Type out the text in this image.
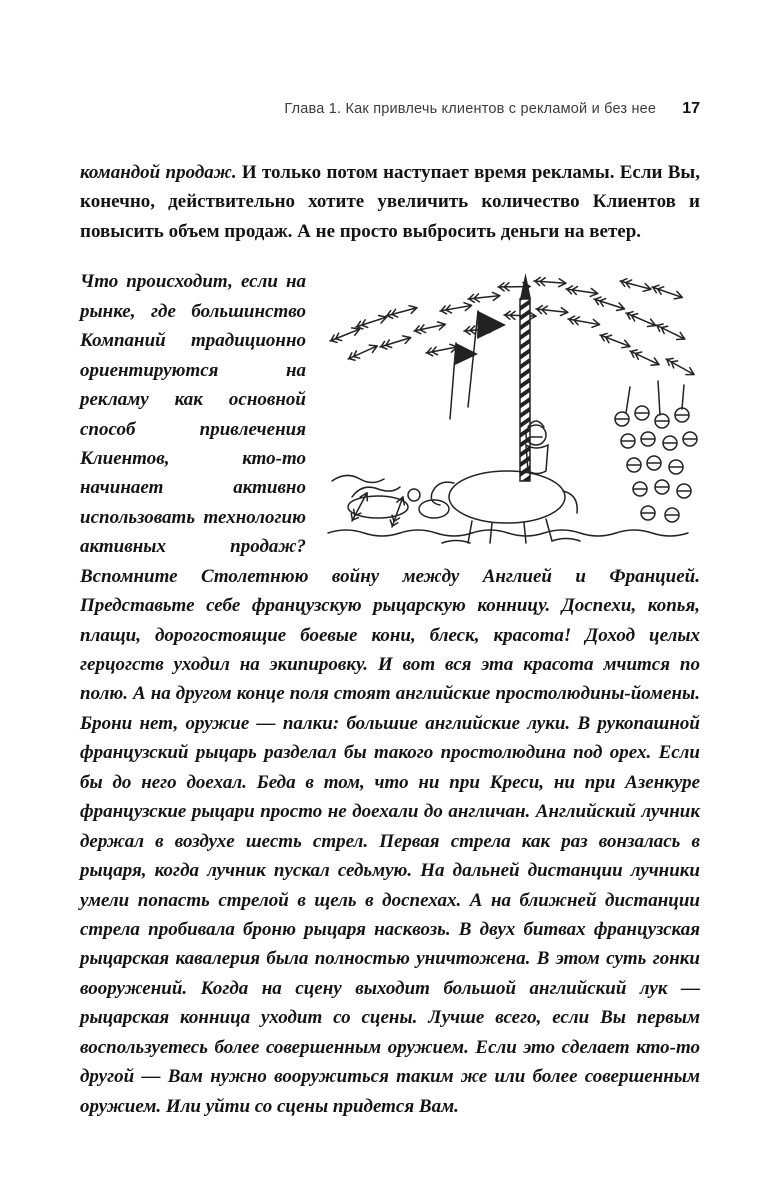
Глава 1. Как привлечь клиентов с рекламой и без нее 17

командой продаж. И только потом наступает время рекламы. Если Вы, конечно, действительно хотите увеличить количество Клиентов и повысить объем продаж. А не просто выбросить деньги на ветер.

Что происходит, если на рынке, где большинство Компаний традиционно ориентируются на рекламу как основной способ привлечения Клиентов, кто-то начинает активно использовать технологию активных продаж? Вспомните Столетнюю войну между Англией и Францией. Представьте себе французскую рыцарскую конницу. Доспехи, копья, плащи, дорогостоящие боевые кони, блеск, красота! Доход целых герцогств уходил на экипировку. И вот вся эта красота мчится по полю. А на другом конце поля стоят английские простолюдины-йомены. Брони нет, оружие — палки: большие английские луки. В рукопашной французский рыцарь разделал бы такого простолюдина под орех. Если бы до него доехал. Беда в том, что ни при Креси, ни при Азенкуре французские рыцари просто не доехали до англичан. Английский лучник держал в воздухе шесть стрел. Первая стрела как раз вонзалась в рыцаря, когда лучник пускал седьмую. На дальней дистанции лучники умели попасть стрелой в щель в доспехах. А на ближней дистанции стрела пробивала броню рыцаря насквозь. В двух битвах французская рыцарская кавалерия была полностью уничтожена. В этом суть гонки вооружений. Когда на сцену выходит большой английский лук — рыцарская конница уходит со сцены. Лучше всего, если Вы первым воспользуетесь более совершенным оружием. Если это сделает кто-то другой — Вам нужно вооружиться таким же или более совершенным оружием. Или уйти со сцены придется Вам.
